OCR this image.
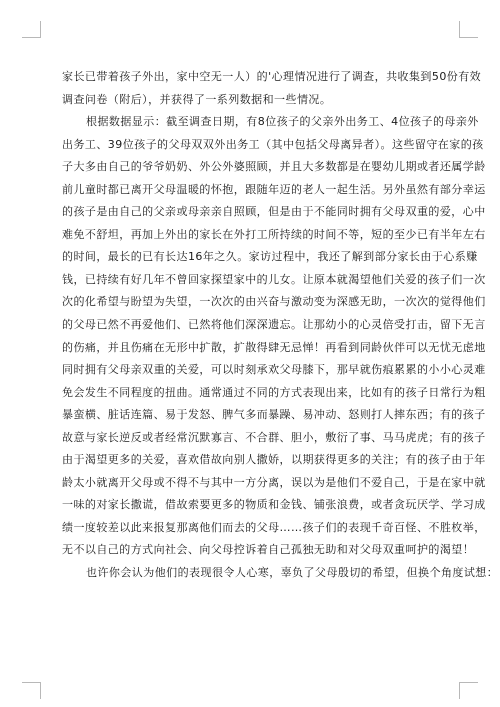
家长已带着孩子外出，家中空无一人）的'心理情况进行了调查，共收集到50份有效
调查问卷（附后），并获得了一系列数据和一些情况。
根据数据显示：截至调查日期，有8位孩子的父亲外出务工、4位孩子的母亲外
出务工、39位孩子的父母双双外出务工（其中包括父母离异者）。这些留守在家的孩
子大多由自己的爷爷奶奶、外公外婆照顾，并且大多数都是在婴幼儿期或者还属学龄
前儿童时都已离开父母温暖的怀抱，跟随年迈的老人一起生活。另外虽然有部分幸运
的孩子是由自己的父亲或母亲亲自照顾，但是由于不能同时拥有父母双重的爱，心中
难免不舒坦，再加上外出的家长在外打工所持续的时间不等，短的至少已有半年左右
的时间，最长的已有长达16年之久。家访过程中，我还了解到部分家长由于心系赚
钱，已持续有好几年不曾回家探望家中的儿女。让原本就渴望他们关爱的孩子们一次
次的化希望与盼望为失望，一次次的由兴奋与激动变为深感无助，一次次的觉得他们
的父母已然不再爱他们、已然将他们深深遗忘。让那幼小的心灵倍受打击，留下无言
的伤痛，并且伤痛在无形中扩散，扩散得肆无忌惮！再看到同龄伙伴可以无忧无虑地
同时拥有父母亲双重的关爱，可以时刻承欢父母膝下，那早就伤痕累累的小小心灵难
免会发生不同程度的扭曲。通常通过不同的方式表现出来，比如有的孩子日常行为粗
暴蛮横、脏话连篇、易于发怒、脾气多而暴躁、易冲动、怒则打人摔东西；有的孩子
故意与家长逆反或者经常沉默寡言、不合群、胆小，敷衍了事、马马虎虎；有的孩子
由于渴望更多的关爱，喜欢借故向别人撒娇，以期获得更多的关注；有的孩子由于年
龄太小就离开父母或不得不与其中一方分离，误以为是他们不爱自己，于是在家中就
一味的对家长撒谎，借故索要更多的物质和金钱、铺张浪费，或者贪玩厌学、学习成
绩一度较差以此来报复那离他们而去的父母……孩子们的表现千奇百怪、不胜枚举，
无不以自己的方式向社会、向父母控诉着自己孤独无助和对父母双重呵护的渴望！
也许你会认为他们的表现很令人心寒，辜负了父母殷切的希望，但换个角度试想：
